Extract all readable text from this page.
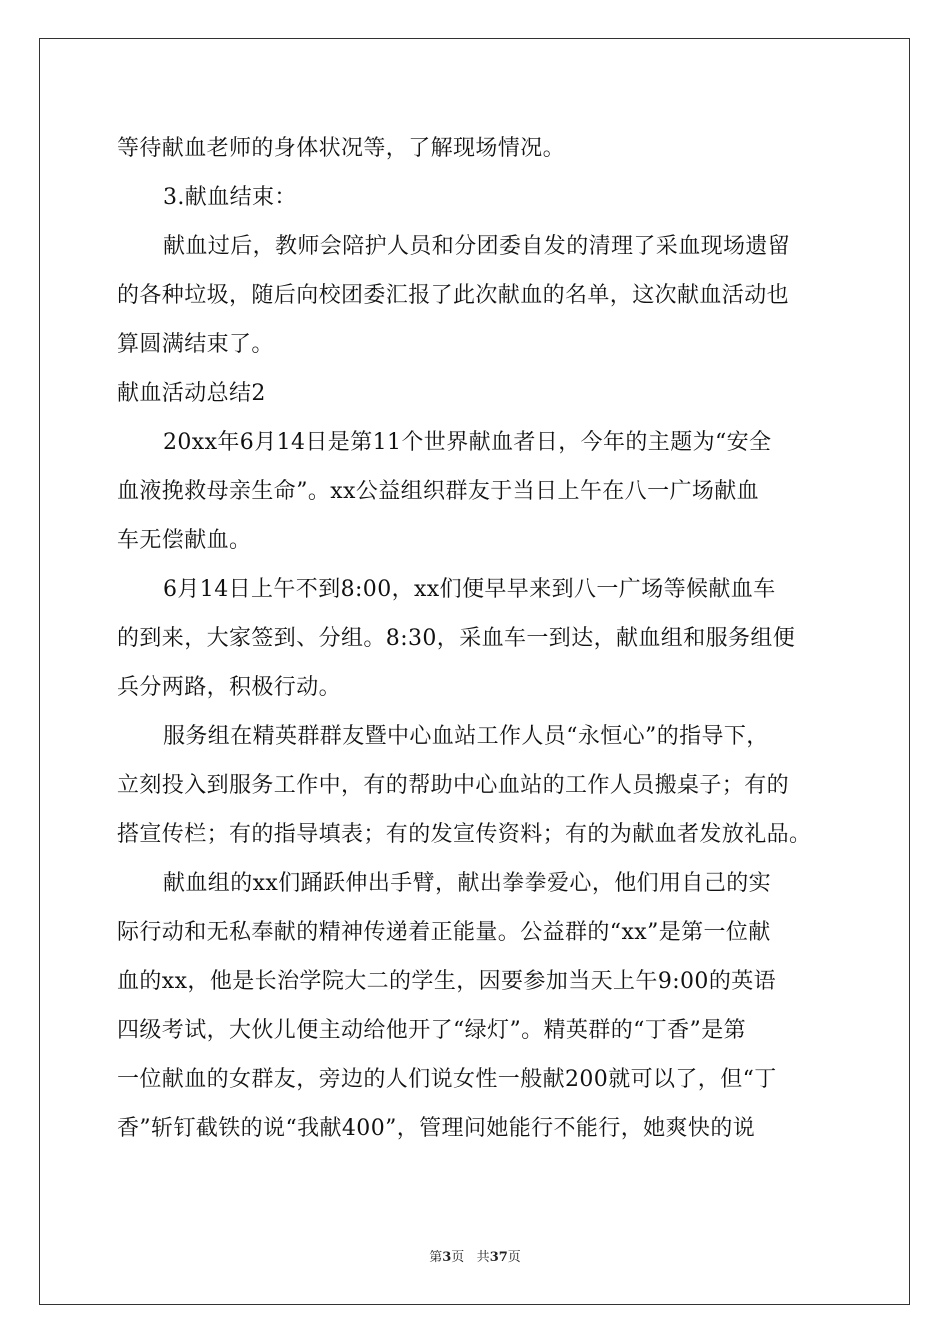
等待献血老师的身体状况等，了解现场情况。
3.献血结束：
献血过后，教师会陪护人员和分团委自发的清理了采血现场遗留
的各种垃圾，随后向校团委汇报了此次献血的名单，这次献血活动也
算圆满结束了。
献血活动总结2
20xx年6月14日是第11个世界献血者日，今年的主题为“安全
血液挽救母亲生命”。xx公益组织群友于当日上午在八一广场献血
车无偿献血。
6月14日上午不到8:00，xx们便早早来到八一广场等候献血车
的到来，大家签到、分组。8:30，采血车一到达，献血组和服务组便
兵分两路，积极行动。
服务组在精英群群友暨中心血站工作人员“永恒心”的指导下，
立刻投入到服务工作中，有的帮助中心血站的工作人员搬桌子；有的
搭宣传栏；有的指导填表；有的发宣传资料；有的为献血者发放礼品。
献血组的xx们踊跃伸出手臂，献出拳拳爱心，他们用自己的实
际行动和无私奉献的精神传递着正能量。公益群的“xx”是第一位献
血的xx，他是长治学院大二的学生，因要参加当天上午9:00的英语
四级考试，大伙儿便主动给他开了“绿灯”。精英群的“丁香”是第
一位献血的女群友，旁边的人们说女性一般献200就可以了，但“丁
香”斩钉截铁的说“我献400”，管理问她能行不能行，她爽快的说
第3页 共37页
